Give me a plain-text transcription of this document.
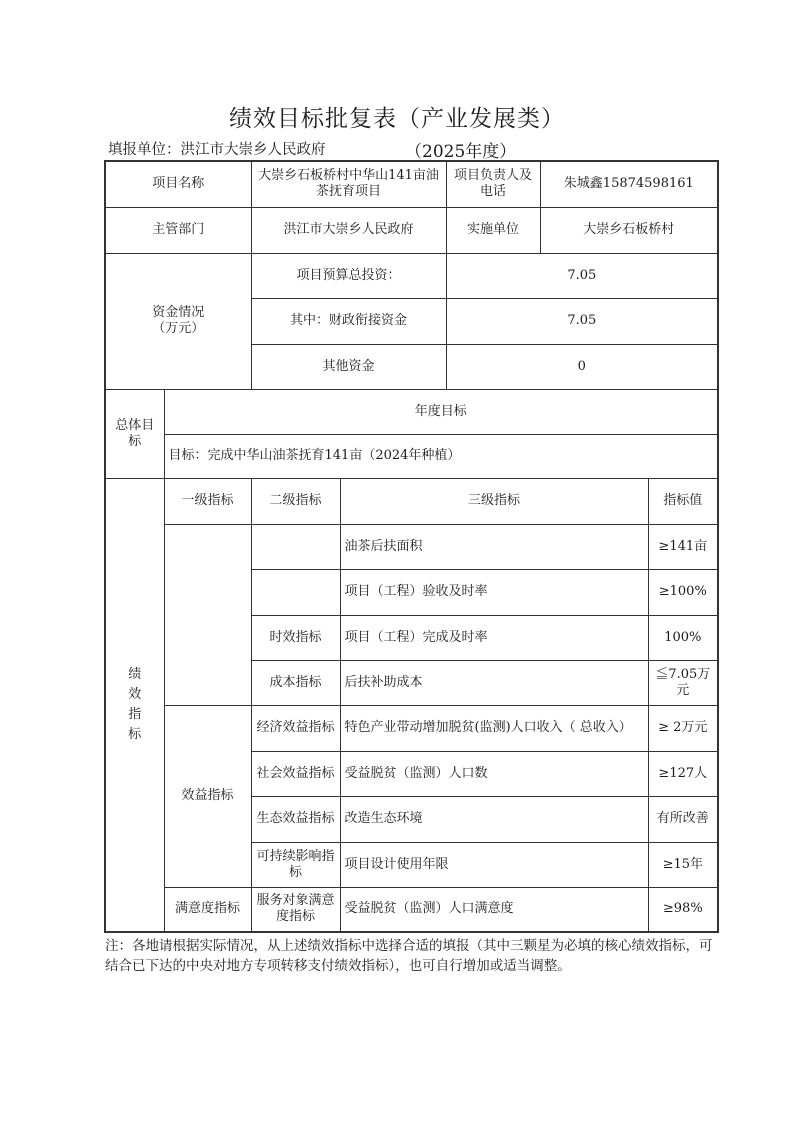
绩效目标批复表（产业发展类）
填报单位：洪江市大崇乡人民政府	（2025年度）
项目名称		大崇乡石板桥村中华山141亩油茶抚育项目		项目负责人及电话	朱城鑫15874598161	
主管部门		洪江市大崇乡人民政府		实施单位	大崇乡石板桥村	

资金情况
（万元）		项目预算总投资：		7.05		
		其中：财政衔接资金		7.05		
		其他资金		0		
总体目标	年度目标					
	目标：完成中华山油茶抚育141亩（2024年种植）					

绩效指标	一级指标	二级指标	三级指标			指标值
			油茶后扶面积			≥141亩
			项目（工程）验收及时率			≥100%
		时效指标	项目（工程）完成及时率			100%
		成本指标	后扶补助成本			≦7.05万元
	效益指标	经济效益指标	特色产业带动增加脱贫(监测)人口收入（ 总收入）			≥ 2万元
		社会效益指标	受益脱贫（监测）人口数			≥127人
		生态效益指标	改造生态环境			有所改善
		可持续影响指标	项目设计使用年限			≥15年
	满意度指标	服务对象满意度指标	受益脱贫（监测）人口满意度			≥98%
注：各地请根据实际情况，从上述绩效指标中选择合适的填报（其中三颗星为必填的核心绩效指标，可结合已下达的中央对地方专项转移支付绩效指标），也可自行增加或适当调整。
